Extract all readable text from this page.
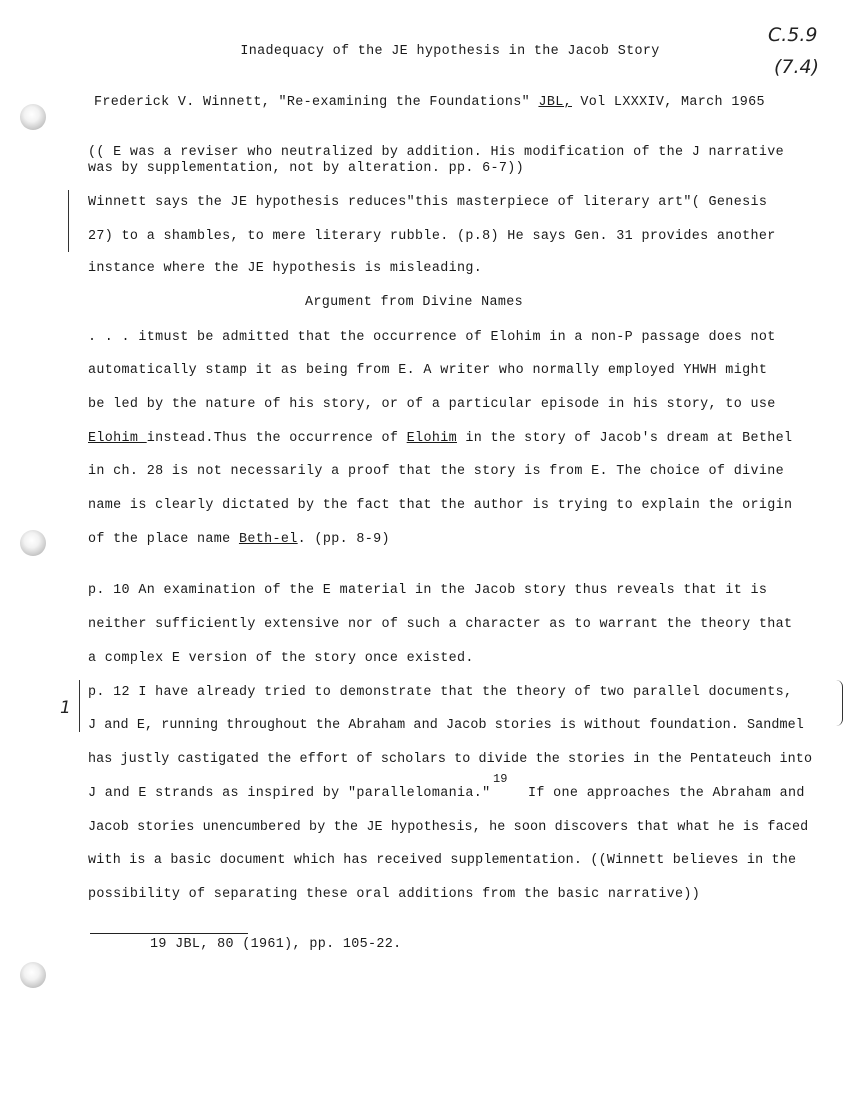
C.5.9
(7.4)
1
Inadequacy of the JE hypothesis in the Jacob Story
Frederick V. Winnett, "Re-examining the Foundations" JBL, Vol LXXXIV, March 1965
(( E was a reviser who neutralized by addition. His modification of the J narrative
was by supplementation, not by alteration. pp. 6-7))
Winnett says the JE hypothesis reduces"this masterpiece of literary art"( Genesis
27) to a shambles, to mere literary rubble. (p.8) He says Gen. 31 provides another
instance where the JE hypothesis is misleading.
Argument from Divine Names
. . . itmust be admitted that the occurrence of Elohim in a non-P passage does not
automatically stamp it as being from E. A writer who normally employed YHWH might
be led by the nature of his story, or of a particular episode in his story, to use
Elohim instead.Thus the occurrence of Elohim in the story of Jacob's dream at Bethel
in ch. 28 is not necessarily a proof that the story is from E. The choice of divine
name is clearly dictated by the fact that the author is trying to explain the origin
of the place name Beth-el. (pp. 8-9)
p. 10 An examination of the E material in the Jacob story thus reveals that it is
neither sufficiently extensive nor of such a character as to warrant the theory that
a complex E version of the story once existed.
p. 12 I have already tried to demonstrate that the theory of two parallel documents,
J and E, running throughout the Abraham and Jacob stories is without foundation. Sandmel
has justly castigated the effort of scholars to divide the stories in the Pentateuch into
J and E strands as inspired by "parallelomania."
19
If one approaches the Abraham and
Jacob stories unencumbered by the JE hypothesis, he soon discovers that what he is faced
with is a basic document which has received supplementation. ((Winnett believes in the
possibility of separating these oral additions from the basic narrative))
19 JBL, 80 (1961), pp. 105-22.
